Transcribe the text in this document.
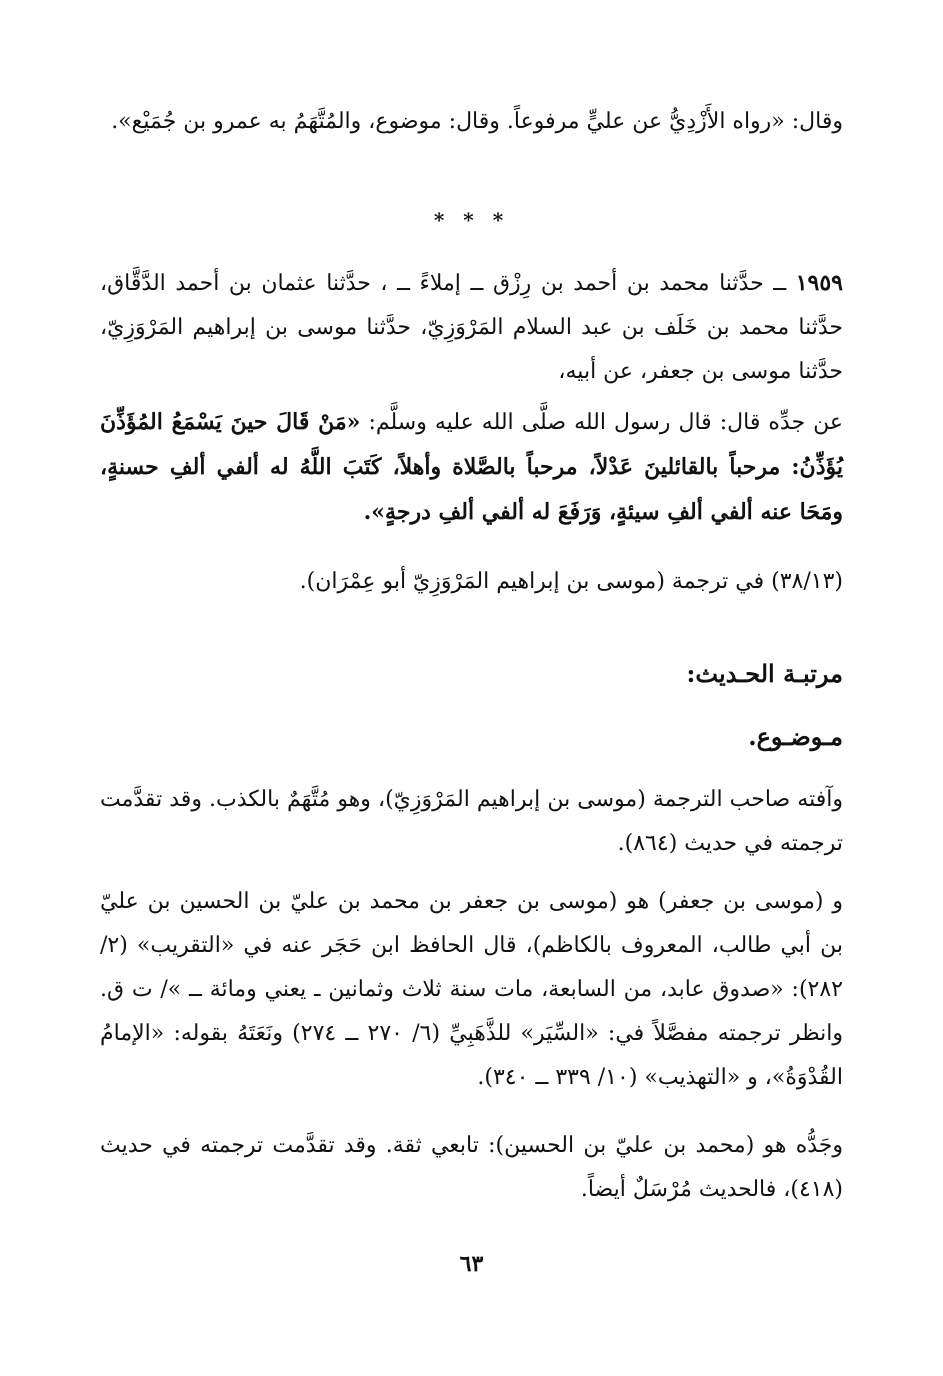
وقال: «رواه الأَزْدِيُّ عن عليٍّ مرفوعاً. وقال: موضوع، والمُتَّهَمُ به عمرو بن جُمَيْع».
* * *
١٩٥٩ ــ حدَّثنا محمد بن أحمد بن رِزْق ــ إملاءً ــ ، حدَّثنا عثمان بن أحمد الدَّقَّاق، حدَّثنا محمد بن خَلَف بن عبد السلام المَرْوَزِيّ، حدَّثنا موسى بن إبراهيم المَرْوَزِيّ، حدَّثنا موسى بن جعفر، عن أبيه،
عن جدِّه قال: قال رسول الله صلَّى الله عليه وسلَّم: «مَنْ قَالَ حينَ يَسْمَعُ المُؤَذِّنَ يُؤَذِّنُ: مرحباً بالقائلينَ عَدْلاً، مرحباً بالصَّلاة وأهلاً، كَتَبَ اللَّهُ له ألفي ألفِ حسنةٍ، ومَحَا عنه ألفي ألفِ سيئةٍ، وَرَفَعَ له ألفي ألفِ درجةٍ».
(٣٨/١٣) في ترجمة (موسى بن إبراهيم المَرْوَزِيّ أبو عِمْرَان).
مرتبـة الحـديث:
مـوضـوع.
وآفته صاحب الترجمة (موسى بن إبراهيم المَرْوَزِيّ)، وهو مُتَّهَمٌ بالكذب. وقد تقدَّمت ترجمته في حديث (٨٦٤).
و (موسى بن جعفر) هو (موسى بن جعفر بن محمد بن عليّ بن الحسين بن عليّ بن أبي طالب، المعروف بالكاظم)، قال الحافظ ابن حَجَر عنه في «التقريب» (٢/ ٢٨٢): «صدوق عابد، من السابعة، مات سنة ثلاث وثمانين ـ يعني ومائة ــ »/ ت ق. وانظر ترجمته مفصَّلاً في: «السِّيَر» للذَّهَبِيِّ (٦/ ٢٧٠ ــ ٢٧٤) ونَعَتَهُ بقوله: «الإمامُ القُدْوَةُ»، و «التهذيب» (١٠/ ٣٣٩ ــ ٣٤٠).
وجَدُّه هو (محمد بن عليّ بن الحسين): تابعي ثقة. وقد تقدَّمت ترجمته في حديث (٤١٨)، فالحديث مُرْسَلٌ أيضاً.
٦٣
